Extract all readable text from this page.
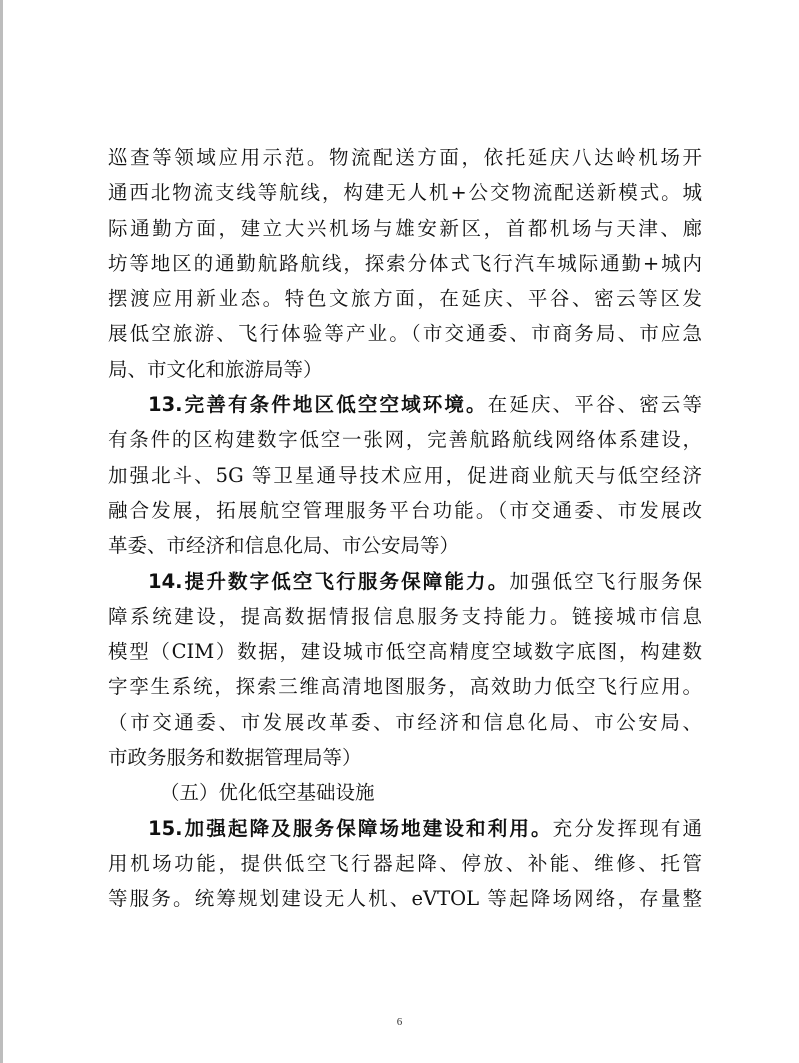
巡查等领域应用示范。物流配送方面，依托延庆八达岭机场开
通西北物流支线等航线，构建无人机+公交物流配送新模式。城
际通勤方面，建立大兴机场与雄安新区，首都机场与天津、廊
坊等地区的通勤航路航线，探索分体式飞行汽车城际通勤+城内
摆渡应用新业态。特色文旅方面，在延庆、平谷、密云等区发
展低空旅游、飞行体验等产业。（市交通委、市商务局、市应急
局、市文化和旅游局等）
13.完善有条件地区低空空域环境。在延庆、平谷、密云等
有条件的区构建数字低空一张网，完善航路航线网络体系建设，
加强北斗、5G 等卫星通导技术应用，促进商业航天与低空经济
融合发展，拓展航空管理服务平台功能。（市交通委、市发展改
革委、市经济和信息化局、市公安局等）
14.提升数字低空飞行服务保障能力。加强低空飞行服务保
障系统建设，提高数据情报信息服务支持能力。链接城市信息
模型（CIM）数据，建设城市低空高精度空域数字底图，构建数
字孪生系统，探索三维高清地图服务，高效助力低空飞行应用。
（市交通委、市发展改革委、市经济和信息化局、市公安局、
市政务服务和数据管理局等）
（五）优化低空基础设施
15.加强起降及服务保障场地建设和利用。充分发挥现有通
用机场功能，提供低空飞行器起降、停放、补能、维修、托管
等服务。统筹规划建设无人机、eVTOL 等起降场网络，存量整
6
